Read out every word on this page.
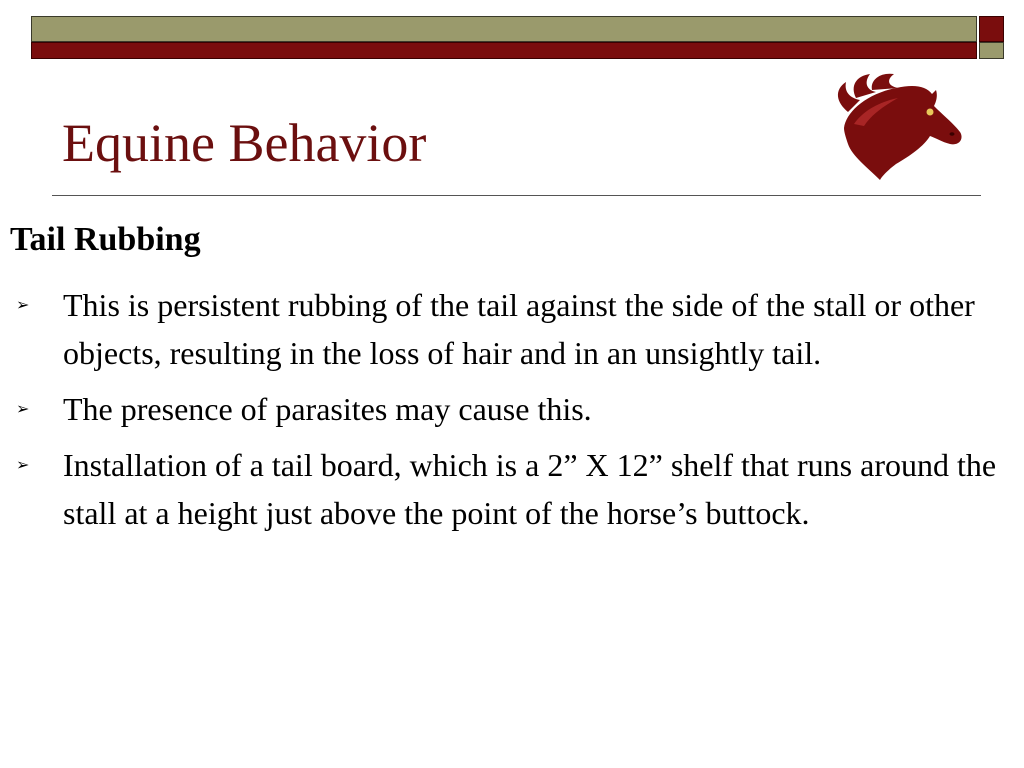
Equine Behavior
Tail Rubbing
➢ This is persistent rubbing of the tail against the side of the stall or other objects, resulting in the loss of hair and in an unsightly tail.
➢ The presence of parasites may cause this.
➢ Installation of a tail board, which is a 2” X 12” shelf that runs around the stall at a height just above the point of the horse’s buttock.
